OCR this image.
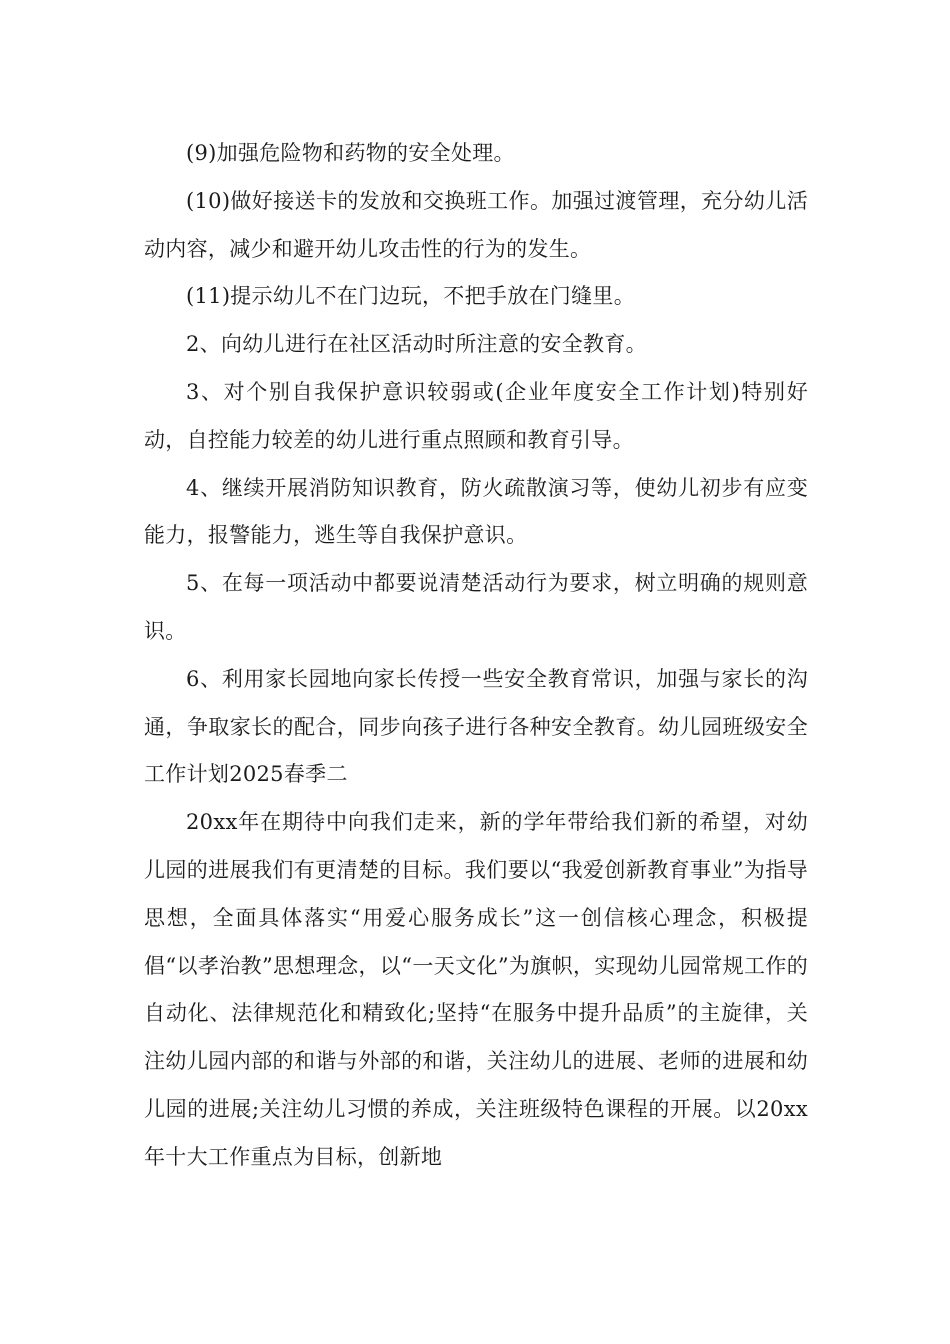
(9)加强危险物和药物的安全处理。

(10)做好接送卡的发放和交换班工作。加强过渡管理，充分幼儿活动内容，减少和避开幼儿攻击性的行为的发生。

(11)提示幼儿不在门边玩，不把手放在门缝里。

2、向幼儿进行在社区活动时所注意的安全教育。

3、对个别自我保护意识较弱或(企业年度安全工作计划)特别好动，自控能力较差的幼儿进行重点照顾和教育引导。

4、继续开展消防知识教育，防火疏散演习等，使幼儿初步有应变能力，报警能力，逃生等自我保护意识。

5、在每一项活动中都要说清楚活动行为要求，树立明确的规则意识。

6、利用家长园地向家长传授一些安全教育常识，加强与家长的沟通，争取家长的配合，同步向孩子进行各种安全教育。幼儿园班级安全工作计划2025春季二

20xx年在期待中向我们走来，新的学年带给我们新的希望，对幼儿园的进展我们有更清楚的目标。我们要以“我爱创新教育事业”为指导思想，全面具体落实“用爱心服务成长”这一创信核心理念，积极提倡“以孝治教”思想理念，以“一天文化”为旗帜，实现幼儿园常规工作的自动化、法律规范化和精致化;坚持“在服务中提升品质”的主旋律，关注幼儿园内部的和谐与外部的和谐，关注幼儿的进展、老师的进展和幼儿园的进展;关注幼儿习惯的养成，关注班级特色课程的开展。以20xx年十大工作重点为目标，创新地
